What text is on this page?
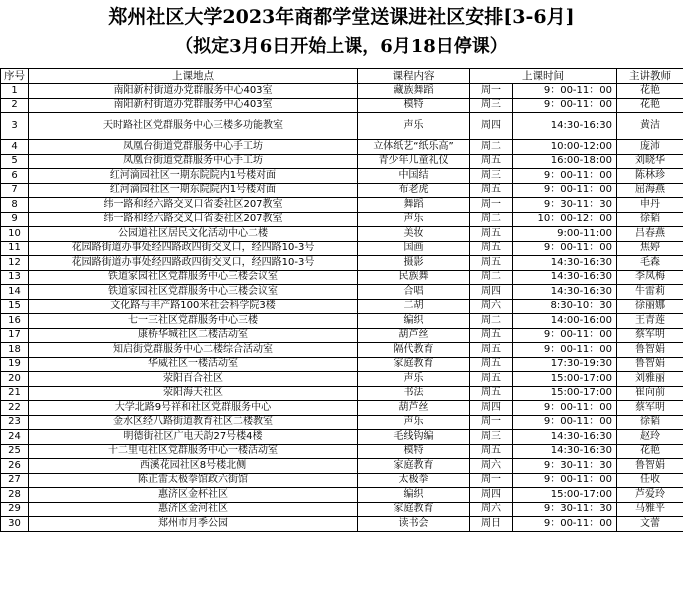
郑州社区大学2023年商都学堂送课进社区安排[3-6月]
（拟定3月6日开始上课，6月18日停课）
序号	上课地点	课程内容	上课时间		主讲教师
1	南阳新村街道办党群服务中心403室	藏族舞蹈	周一	9：00-11：00	花艳
2	南阳新村街道办党群服务中心403室	模特	周三	9：00-11：00	花艳
3	天时路社区党群服务中心三楼多功能教室	声乐	周四	14:30-16:30	黄洁
4	凤凰台街道党群服务中心手工坊	立体纸艺“纸乐高”	周二	10:00-12:00	庞沛
5	凤凰台街道党群服务中心手工坊	青少年儿童礼仪	周五	16:00-18:00	刘晓华
6	红河滴园社区一期东院院内1号楼对面	中国结	周三	9：00-11：00	陈林珍
7	红河滴园社区一期东院院内1号楼对面	布老虎	周五	9：00-11：00	屈海燕
8	纬一路和经六路交叉口省委社区207教室	舞蹈	周一	9：30-11：30	申丹
9	纬一路和经六路交叉口省委社区207教室	声乐	周二	10：00-12：00	徐韬
10	公园道社区居民文化活动中心二楼	美妆	周五	9:00-11:00	吕春燕
11	花园路街道办事处经四路政四街交叉口，经四路10-3号	国画	周五	9：00-11：00	焦婷
12	花园路街道办事处经四路政四街交叉口，经四路10-3号	摄影	周五	14:30-16:30	毛森
13	铁道家园社区党群服务中心三楼会议室	民族舞	周二	14:30-16:30	李凤梅
14	铁道家园社区党群服务中心三楼会议室	合唱	周四	14:30-16:30	牛雷莉
15	文化路与丰产路100米社会科学院3楼	二胡	周六	8:30-10：30	徐丽娜
16	七一三社区党群服务中心三楼	编织	周二	14:00-16:00	王青莲
17	康桥华城社区二楼活动室	葫芦丝	周五	9：00-11：00	蔡军明
18	知启街党群服务中心二楼综合活动室	隔代教育	周五	9：00-11：00	鲁智娟
19	华威社区一楼活动室	家庭教育	周五	17:30-19:30	鲁智娟
20	荥阳百合社区	声乐	周五	15:00-17:00	刘雅丽
21	荥阳海天社区	书法	周五	15:00-17:00	崔向前
22	大学北路9号祥和社区党群服务中心	葫芦丝	周四	9：00-11：00	蔡军明
23	金水区经八路街道教育社区二楼教室	声乐	周一	9：00-11：00	徐韬
24	明德街社区广电天韵27号楼4楼	毛线钩编	周三	14:30-16:30	赵玲
25	十二里屯社区党群服务中心一楼活动室	模特	周五	14:30-16:30	花艳
26	西溪花园社区8号楼北侧	家庭教育	周六	9：30-11：30	鲁智娟
27	陈正雷太极拳馆政六街馆	太极拳	周一	9：00-11：00	任收
28	惠济区金杯社区	编织	周四	15:00-17:00	芦爱玲
29	惠济区金河社区	家庭教育	周六	9：30-11：30	马雅平
30	郑州市月季公园	读书会	周日	9：00-11：00	文蕾
